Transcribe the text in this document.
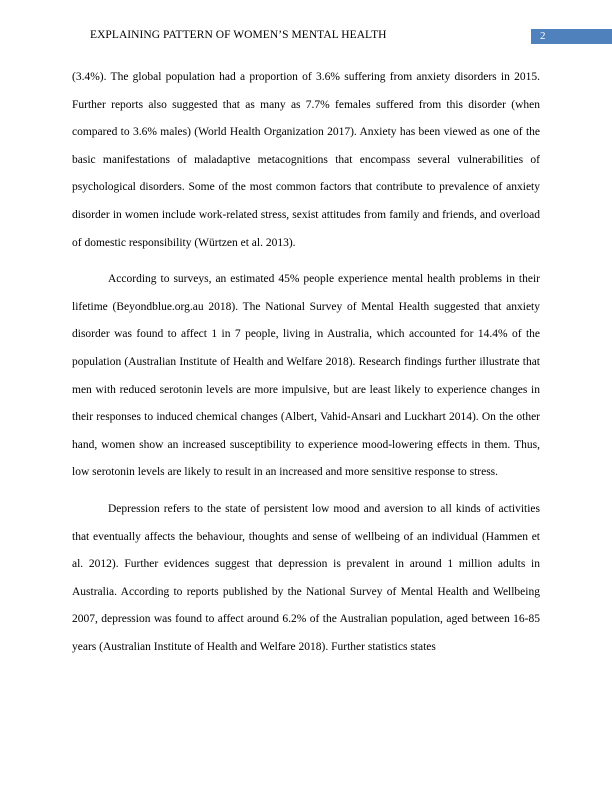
EXPLAINING PATTERN OF WOMEN’S MENTAL HEALTH	2

(3.4%). The global population had a proportion of 3.6% suffering from anxiety disorders in 2015. Further reports also suggested that as many as 7.7% females suffered from this disorder (when compared to 3.6% males) (World Health Organization 2017). Anxiety has been viewed as one of the basic manifestations of maladaptive metacognitions that encompass several vulnerabilities of psychological disorders. Some of the most common factors that contribute to prevalence of anxiety disorder in women include work-related stress, sexist attitudes from family and friends, and overload of domestic responsibility (Würtzen et al. 2013).

According to surveys, an estimated 45% people experience mental health problems in their lifetime (Beyondblue.org.au 2018). The National Survey of Mental Health suggested that anxiety disorder was found to affect 1 in 7 people, living in Australia, which accounted for 14.4% of the population (Australian Institute of Health and Welfare 2018). Research findings further illustrate that men with reduced serotonin levels are more impulsive, but are least likely to experience changes in their responses to induced chemical changes (Albert, Vahid-Ansari and Luckhart 2014). On the other hand, women show an increased susceptibility to experience mood-lowering effects in them. Thus, low serotonin levels are likely to result in an increased and more sensitive response to stress.

Depression refers to the state of persistent low mood and aversion to all kinds of activities that eventually affects the behaviour, thoughts and sense of wellbeing of an individual (Hammen et al. 2012). Further evidences suggest that depression is prevalent in around 1 million adults in Australia. According to reports published by the National Survey of Mental Health and Wellbeing 2007, depression was found to affect around 6.2% of the Australian population, aged between 16-85 years (Australian Institute of Health and Welfare 2018). Further statistics states
